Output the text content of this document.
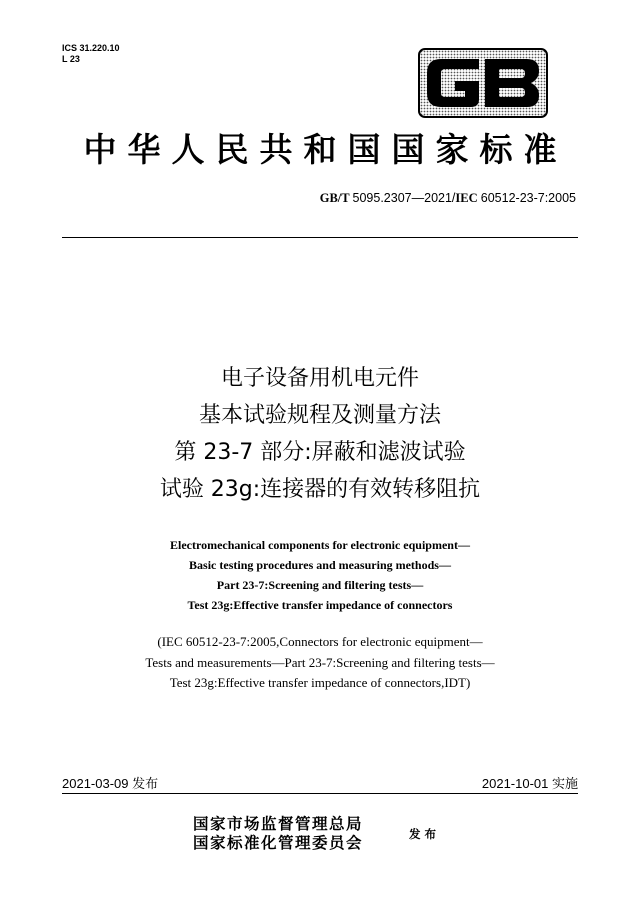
ICS 31.220.10
L 23
GB
中华人民共和国国家标准
GB/T 5095.2307—2021/IEC 60512-23-7:2005
电子设备用机电元件
基本试验规程及测量方法
第 23-7 部分:屏蔽和滤波试验
试验 23g:连接器的有效转移阻抗
Electromechanical components for electronic equipment—
Basic testing procedures and measuring methods—
Part 23-7:Screening and filtering tests—
Test 23g:Effective transfer impedance of connectors
(IEC 60512-23-7:2005,Connectors for electronic equipment—
Tests and measurements—Part 23-7:Screening and filtering tests—
Test 23g:Effective transfer impedance of connectors,IDT)
2021-03-09 发布	2021-10-01 实施
国家市场监督管理总局
国家标准化管理委员会	发布
